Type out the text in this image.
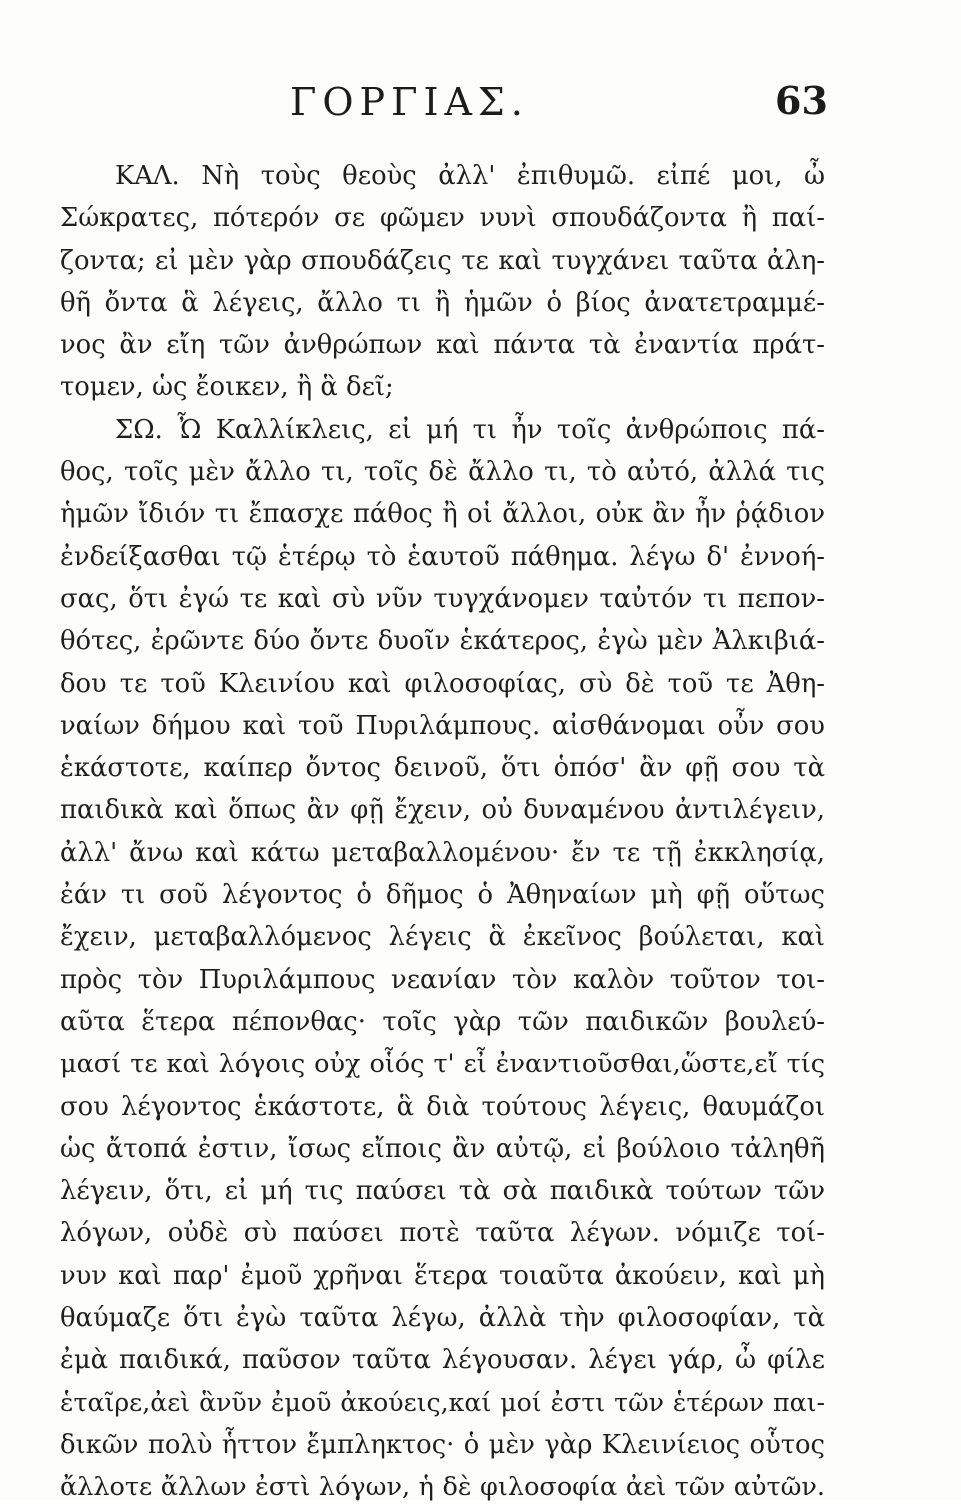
ΓΟΡΓΙΑΣ.	63
ΚΑΛ. Νὴ τοὺς θεοὺς ἀλλ' ἐπιθυμῶ. εἰπέ μοι, ὦ
Σώκρατες, πότερόν σε φῶμεν νυνὶ σπουδάζοντα ἢ παί-
ζοντα; εἰ μὲν γὰρ σπουδάζεις τε καὶ τυγχάνει ταῦτα ἀλη-
θῆ ὄντα ἃ λέγεις, ἄλλο τι ἢ ἡμῶν ὁ βίος ἀνατετραμμέ-
νος ἂν εἴη τῶν ἀνθρώπων καὶ πάντα τὰ ἐναντία πράτ-
τομεν, ὡς ἔοικεν, ἢ ἃ δεῖ;
ΣΩ. Ὦ Καλλίκλεις, εἰ μή τι ἦν τοῖς ἀνθρώποις πά-
θος, τοῖς μὲν ἄλλο τι, τοῖς δὲ ἄλλο τι, τὸ αὐτό, ἀλλά τις
ἡμῶν ἴδιόν τι ἔπασχε πάθος ἢ οἱ ἄλλοι, οὐκ ἂν ἦν ῥᾴδιον
ἐνδείξασθαι τῷ ἑτέρῳ τὸ ἑαυτοῦ πάθημα. λέγω δ' ἐννοή-
σας, ὅτι ἐγώ τε καὶ σὺ νῦν τυγχάνομεν ταὐτόν τι πεπον-
θότες, ἐρῶντε δύο ὄντε δυοῖν ἑκάτερος, ἐγὼ μὲν Ἀλκιβιά-
δου τε τοῦ Κλεινίου καὶ φιλοσοφίας, σὺ δὲ τοῦ τε Ἀθη-
ναίων δήμου καὶ τοῦ Πυριλάμπους. αἰσθάνομαι οὖν σου
ἑκάστοτε, καίπερ ὄντος δεινοῦ, ὅτι ὁπόσ' ἂν φῇ σου τὰ
παιδικὰ καὶ ὅπως ἂν φῇ ἔχειν, οὐ δυναμένου ἀντιλέγειν,
ἀλλ' ἄνω καὶ κάτω μεταβαλλομένου· ἔν τε τῇ ἐκκλησίᾳ,
ἐάν τι σοῦ λέγοντος ὁ δῆμος ὁ Ἀθηναίων μὴ φῇ οὕτως
ἔχειν, μεταβαλλόμενος λέγεις ἃ ἐκεῖνος βούλεται, καὶ
πρὸς τὸν Πυριλάμπους νεανίαν τὸν καλὸν τοῦτον τοι-
αῦτα ἕτερα πέπονθας· τοῖς γὰρ τῶν παιδικῶν βουλεύ-
μασί τε καὶ λόγοις οὐχ οἷός τ' εἶ ἐναντιοῦσθαι,ὥστε,εἴ τίς
σου λέγοντος ἑκάστοτε, ἃ διὰ τούτους λέγεις, θαυμάζοι
ὡς ἄτοπά ἐστιν, ἴσως εἴποις ἂν αὐτῷ, εἰ βούλοιο τἀληθῆ
λέγειν, ὅτι, εἰ μή τις παύσει τὰ σὰ παιδικὰ τούτων τῶν
λόγων, οὐδὲ σὺ παύσει ποτὲ ταῦτα λέγων. νόμιζε τοί-
νυν καὶ παρ' ἐμοῦ χρῆναι ἕτερα τοιαῦτα ἀκούειν, καὶ μὴ
θαύμαζε ὅτι ἐγὼ ταῦτα λέγω, ἀλλὰ τὴν φιλοσοφίαν, τὰ
ἐμὰ παιδικά, παῦσον ταῦτα λέγουσαν. λέγει γάρ, ὦ φίλε
ἑταῖρε,ἀεὶ ἃνῦν ἐμοῦ ἀκούεις,καί μοί ἐστι τῶν ἑτέρων παι-
δικῶν πολὺ ἧττον ἔμπληκτος· ὁ μὲν γὰρ Κλεινίειος οὗτος
ἄλλοτε ἄλλων ἐστὶ λόγων, ἡ δὲ φιλοσοφία ἀεὶ τῶν αὐτῶν.
